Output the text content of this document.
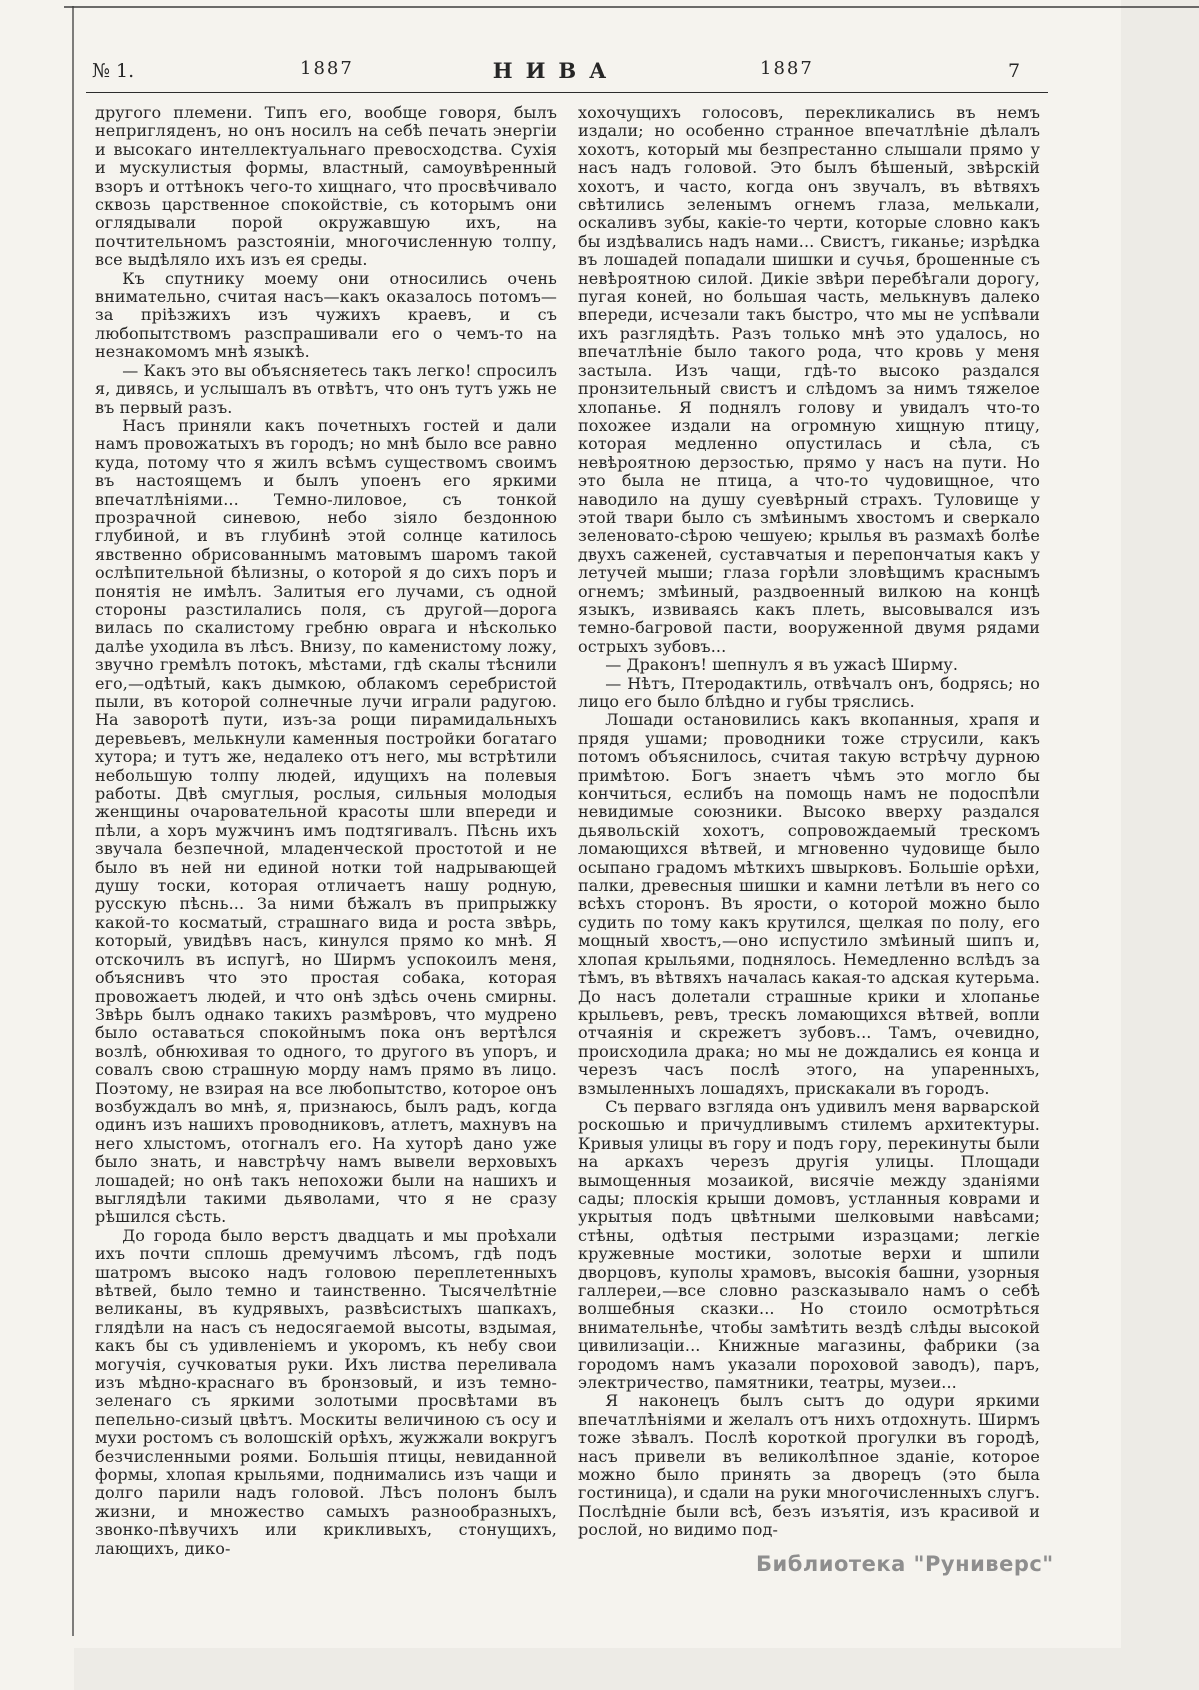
№ 1.	1887	НИВА	1887	7

другого племени. Типъ его, вообще говоря, былъ непригляденъ, но онъ носилъ на себѣ печать энергіи и высокаго интеллектуальнаго превосходства. Сухія и мускулистыя формы, властный, самоувѣренный взоръ и оттѣнокъ чего-то хищнаго, что просвѣчивало сквозь царственное спокойствіе, съ которымъ они оглядывали порой окружавшую ихъ, на почтительномъ разстояніи, многочисленную толпу, все выдѣляло ихъ изъ ея среды.

Къ спутнику моему они относились очень внимательно, считая насъ—какъ оказалось потомъ—за пріѣзжихъ изъ чужихъ краевъ, и съ любопытствомъ разспрашивали его о чемъ-то на незнакомомъ мнѣ языкѣ.

— Какъ это вы объясняетесь такъ легко! спросилъ я, дивясь, и услышалъ въ отвѣтъ, что онъ тутъ ужь не въ первый разъ.

Насъ приняли какъ почетныхъ гостей и дали намъ провожатыхъ въ городъ; но мнѣ было все равно куда, потому что я жилъ всѣмъ существомъ своимъ въ настоящемъ и былъ упоенъ его яркими впечатлѣніями... Темно-лиловое, съ тонкой прозрачной синевою, небо зіяло бездонною глубиной, и въ глубинѣ этой солнце катилось явственно обрисованнымъ матовымъ шаромъ такой ослѣпительной бѣлизны, о которой я до сихъ поръ и понятія не имѣлъ. Залитыя его лучами, съ одной стороны разстилались поля, съ другой—дорога вилась по скалистому гребню оврага и нѣсколько далѣе уходила въ лѣсъ. Внизу, по каменистому ложу, звучно гремѣлъ потокъ, мѣстами, гдѣ скалы тѣснили его,—одѣтый, какъ дымкою, облакомъ серебристой пыли, въ которой солнечные лучи играли радугою. На заворотѣ пути, изъ-за рощи пирамидальныхъ деревьевъ, мелькнули каменныя постройки богатаго хутора; и тутъ же, недалеко отъ него, мы встрѣтили небольшую толпу людей, идущихъ на полевыя работы. Двѣ смуглыя, рослыя, сильныя молодыя женщины очаровательной красоты шли впереди и пѣли, а хоръ мужчинъ имъ подтягивалъ. Пѣснь ихъ звучала безпечной, младенческой простотой и не было въ ней ни единой нотки той надрывающей душу тоски, которая отличаетъ нашу родную, русскую пѣснь... За ними бѣжалъ въ припрыжку какой-то косматый, страшнаго вида и роста звѣрь, который, увидѣвъ насъ, кинулся прямо ко мнѣ. Я отскочилъ въ испугѣ, но Ширмъ успокоилъ меня, объяснивъ что это простая собака, которая провожаетъ людей, и что онѣ здѣсь очень смирны. Звѣрь былъ однако такихъ размѣровъ, что мудрено было оставаться спокойнымъ пока онъ вертѣлся возлѣ, обнюхивая то одного, то другого въ упоръ, и совалъ свою страшную морду намъ прямо въ лицо. Поэтому, не взирая на все любопытство, которое онъ возбуждалъ во мнѣ, я, признаюсь, былъ радъ, когда одинъ изъ нашихъ проводниковъ, атлетъ, махнувъ на него хлыстомъ, отогналъ его. На хуторѣ дано уже было знать, и навстрѣчу намъ вывели верховыхъ лошадей; но онѣ такъ непохожи были на нашихъ и выглядѣли такими дьяволами, что я не сразу рѣшился сѣсть.

До города было верстъ двадцать и мы проѣхали ихъ почти сплошь дремучимъ лѣсомъ, гдѣ подъ шатромъ высоко надъ головою переплетенныхъ вѣтвей, было темно и таинственно. Тысячелѣтніе великаны, въ кудрявыхъ, развѣсистыхъ шапкахъ, глядѣли на насъ съ недосягаемой высоты, вздымая, какъ бы съ удивленіемъ и укоромъ, къ небу свои могучія, сучковатыя руки. Ихъ листва переливала изъ мѣдно-краснаго въ бронзовый, и изъ темно-зеленаго съ яркими золотыми просвѣтами въ пепельно-сизый цвѣтъ. Москиты величиною съ осу и мухи ростомъ съ волошскій орѣхъ, жужжали вокругъ безчисленными роями. Большія птицы, невиданной формы, хлопая крыльями, поднимались изъ чащи и долго парили надъ головой. Лѣсъ полонъ былъ жизни, и множество самыхъ разнообразныхъ, звонко-пѣвучихъ или крикливыхъ, стонущихъ, лающихъ, дико-

хохочущихъ голосовъ, перекликались въ немъ издали; но особенно странное впечатлѣніе дѣлалъ хохотъ, который мы безпрестанно слышали прямо у насъ надъ головой. Это былъ бѣшеный, звѣрскій хохотъ, и часто, когда онъ звучалъ, въ вѣтвяхъ свѣтились зеленымъ огнемъ глаза, мелькали, оскаливъ зубы, какіе-то черти, которые словно какъ бы издѣвались надъ нами... Свистъ, гиканье; изрѣдка въ лошадей попадали шишки и сучья, брошенные съ невѣроятною силой. Дикіе звѣри перебѣгали дорогу, пугая коней, но большая часть, мелькнувъ далеко впереди, исчезали такъ быстро, что мы не успѣвали ихъ разглядѣть. Разъ только мнѣ это удалось, но впечатлѣніе было такого рода, что кровь у меня застыла. Изъ чащи, гдѣ-то высоко раздался пронзительный свистъ и слѣдомъ за нимъ тяжелое хлопанье. Я поднялъ голову и увидалъ что-то похожее издали на огромную хищную птицу, которая медленно опустилась и сѣла, съ невѣроятною дерзостью, прямо у насъ на пути. Но это была не птица, а что-то чудовищное, что наводило на душу суевѣрный страхъ. Туловище у этой твари было съ змѣинымъ хвостомъ и сверкало зеленовато-сѣрою чешуею; крылья въ размахѣ болѣе двухъ саженей, суставчатыя и перепончатыя какъ у летучей мыши; глаза горѣли зловѣщимъ краснымъ огнемъ; змѣиный, раздвоенный вилкою на концѣ языкъ, извиваясь какъ плеть, высовывался изъ темно-багровой пасти, вооруженной двумя рядами острыхъ зубовъ...

— Драконъ! шепнулъ я въ ужасѣ Ширму.

— Нѣтъ, Птеродактиль, отвѣчалъ онъ, бодрясь; но лицо его было блѣдно и губы тряслись.

Лошади остановились какъ вкопанныя, храпя и прядя ушами; проводники тоже струсили, какъ потомъ объяснилось, считая такую встрѣчу дурною примѣтою. Богъ знаетъ чѣмъ это могло бы кончиться, еслибъ на помощь намъ не подоспѣли невидимые союзники. Высоко вверху раздался дьявольскій хохотъ, сопровождаемый трескомъ ломающихся вѣтвей, и мгновенно чудовище было осыпано градомъ мѣткихъ швырковъ. Большіе орѣхи, палки, древесныя шишки и камни летѣли въ него со всѣхъ сторонъ. Въ ярости, о которой можно было судить по тому какъ крутился, щелкая по полу, его мощный хвостъ,—оно испустило змѣиный шипъ и, хлопая крыльями, поднялось. Немедленно вслѣдъ за тѣмъ, въ вѣтвяхъ началась какая-то адская кутерьма. До насъ долетали страшные крики и хлопанье крыльевъ, ревъ, трескъ ломающихся вѣтвей, вопли отчаянія и скрежетъ зубовъ... Тамъ, очевидно, происходила драка; но мы не дождались ея конца и черезъ часъ послѣ этого, на упаренныхъ, взмыленныхъ лошадяхъ, прискакали въ городъ.

Съ перваго взгляда онъ удивилъ меня варварской роскошью и причудливымъ стилемъ архитектуры. Кривыя улицы въ гору и подъ гору, перекинуты были на аркахъ черезъ другія улицы. Площади вымощенныя мозаикой, висячіе между зданіями сады; плоскія крыши домовъ, устланныя коврами и укрытыя подъ цвѣтными шелковыми навѣсами; стѣны, одѣтыя пестрыми изразцами; легкіе кружевные мостики, золотые верхи и шпили дворцовъ, куполы храмовъ, высокія башни, узорныя галлереи,—все словно разсказывало намъ о себѣ волшебныя сказки... Но стоило осмотрѣться внимательнѣе, чтобы замѣтить вездѣ слѣды высокой цивилизаціи... Книжные магазины, фабрики (за городомъ намъ указали пороховой заводъ), паръ, электричество, памятники, театры, музеи...

Я наконецъ былъ сытъ до одури яркими впечатлѣніями и желалъ отъ нихъ отдохнуть. Ширмъ тоже зѣвалъ. Послѣ короткой прогулки въ городѣ, насъ привели въ великолѣпное зданіе, которое можно было принять за дворецъ (это была гостиница), и сдали на руки многочисленныхъ слугъ. Послѣдніе были всѣ, безъ изъятія, изъ красивой и рослой, но видимо под-

Библиотека "Руниверс"
